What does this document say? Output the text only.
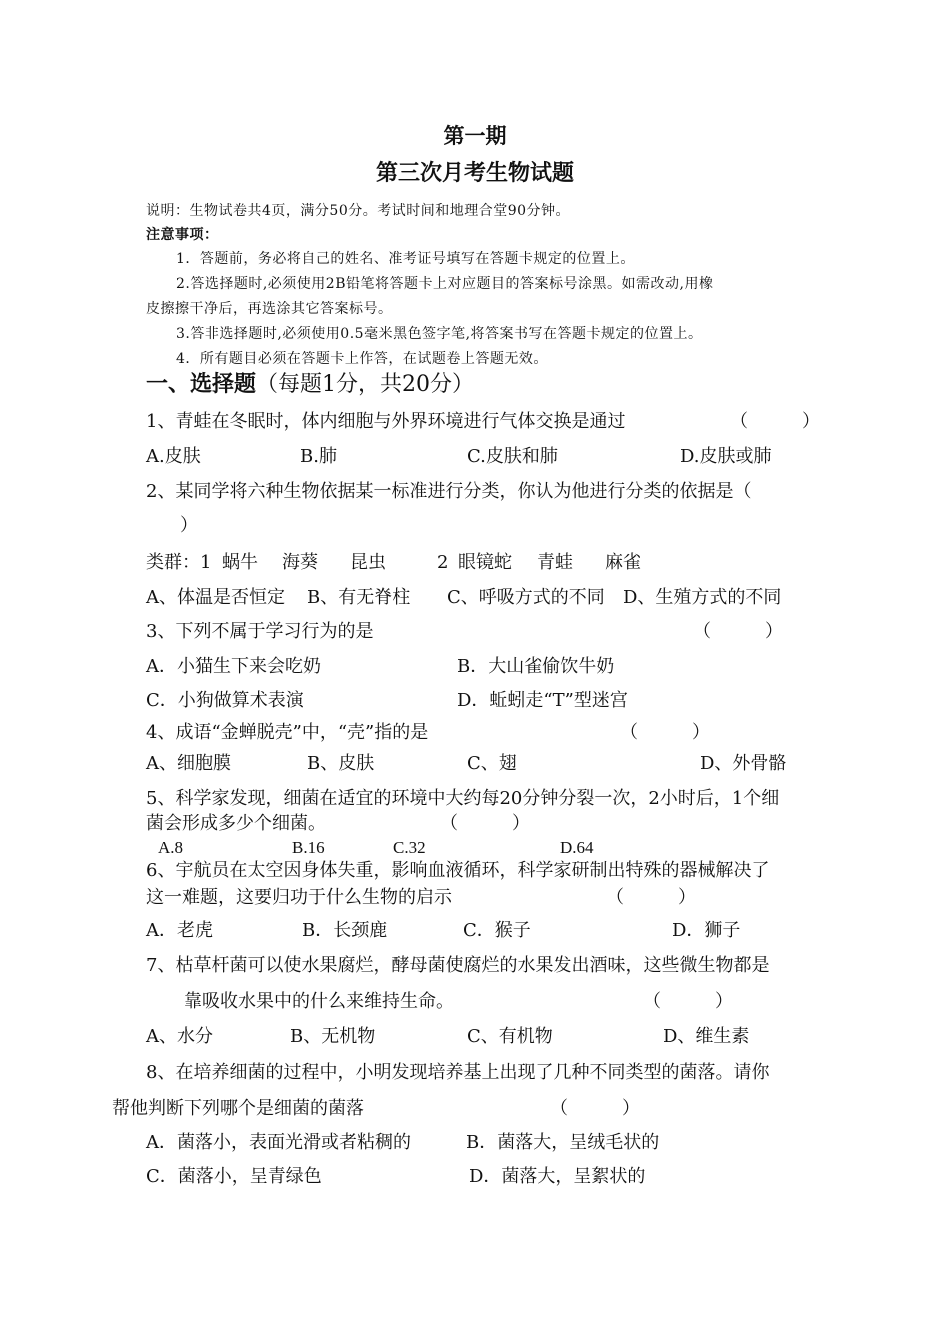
第一期
第三次月考生物试题
说明：生物试卷共4页，满分50分。考试时间和地理合堂90分钟。
注意事项：
1．答题前，务必将自己的姓名、准考证号填写在答题卡规定的位置上。
2.答选择题时,必须使用2B铅笔将答题卡上对应题目的答案标号涂黑。如需改动,用橡
皮擦擦干净后，再选涂其它答案标号。
3.答非选择题时,必须使用0.5毫米黑色签字笔,将答案书写在答题卡规定的位置上。
4．所有题目必须在答题卡上作答，在试题卷上答题无效。
一、选择题（每题1分，共20分）
1、青蛙在冬眠时，体内细胞与外界环境进行气体交换是通过	（　　　）
A.皮肤	B.肺	C.皮肤和肺	D.皮肤或肺
2、某同学将六种生物依据某一标准进行分类，你认为他进行分类的依据是（
）
类群：1 蜗牛 海葵 昆虫	2 眼镜蛇 青蛙 麻雀
A、体温是否恒定 B、有无脊柱 C、呼吸方式的不同 D、生殖方式的不同
3、下列不属于学习行为的是	（　　　）
A．小猫生下来会吃奶	B．大山雀偷饮牛奶
C．小狗做算术表演	D．蚯蚓走“T”型迷宫
4、成语“金蝉脱壳”中，“壳”指的是	（　　　）
A、细胞膜	B、皮肤	C、翅	D、外骨骼
5、科学家发现，细菌在适宜的环境中大约每20分钟分裂一次，2小时后，1个细
菌会形成多少个细菌。	（　　　）
A.8	B.16	C.32	D.64
6、宇航员在太空因身体失重，影响血液循环，科学家研制出特殊的器械解决了
这一难题，这要归功于什么生物的启示	（　　　）
A．老虎	B．长颈鹿	C．猴子	D．狮子
7、枯草杆菌可以使水果腐烂，酵母菌使腐烂的水果发出酒味，这些微生物都是
靠吸收水果中的什么来维持生命。	（　　　）
A、水分	B、无机物	C、有机物	D、维生素
8、在培养细菌的过程中，小明发现培养基上出现了几种不同类型的菌落。请你
帮他判断下列哪个是细菌的菌落	（　　　）
A．菌落小，表面光滑或者粘稠的	B．菌落大，呈绒毛状的
C．菌落小，呈青绿色	D．菌落大，呈絮状的
